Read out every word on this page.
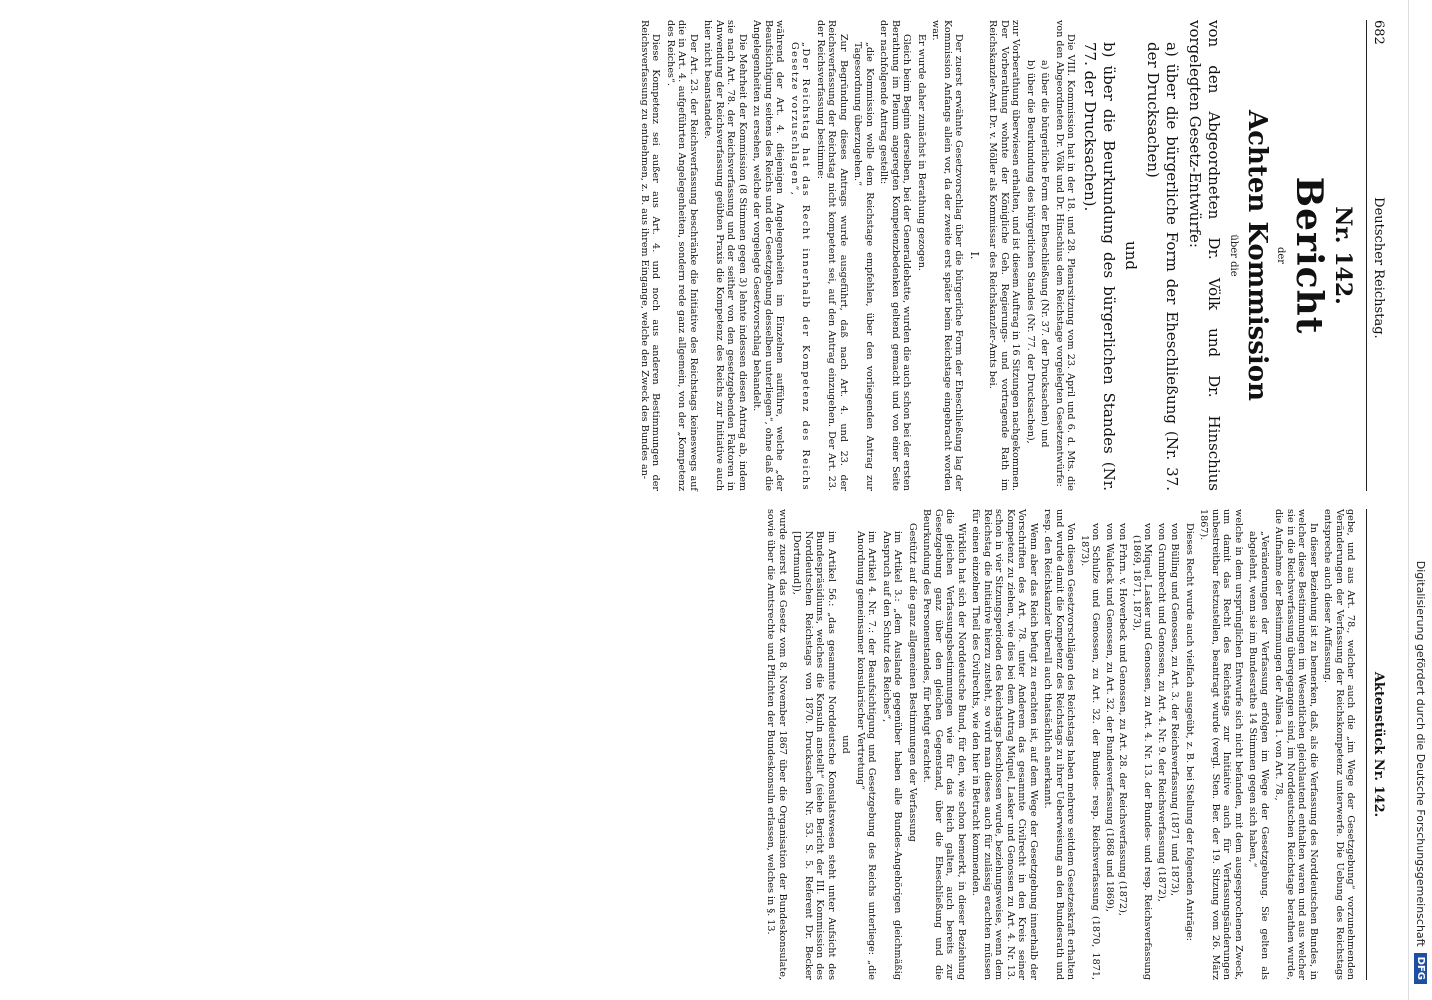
Digitalisierung gefördert durch die Deutsche Forschungsgemeinschaft
DFG
682
Deutscher Reichstag.
Nr. 142.
Bericht
der
Achten Kommission
über die
von den Abgeordneten Dr. Völk und Dr. Hinschius vorgelegten Gesetz-Entwürfe:
a) über die bürgerliche Form der Eheschließung (Nr. 37. der Drucksachen)
und
b) über die Beurkundung des bürgerlichen Standes (Nr. 77. der Drucksachen).

Die VIII. Kommission hat in der 18. und 28. Plenarsitzung vom 23. April und 6. d. Mts. die von den Abgeordneten Dr. Völk und Dr. Hinschius dem Reichstage vorgelegten Gesetzentwürfe:

a) über die bürgerliche Form der Eheschließung (Nr. 37. der Drucksachen) und

b) über die Beurkundung des bürgerlichen Standes (Nr. 77. der Drucksachen),

zur Vorberathung überwiesen erhalten, und ist diesem Auftrag in 16 Sitzungen nachgekommen. Der Vorberathung wohnte der Königliche Geh. Regierungs- und vortragende Rath im Reichskanzler-Amt Dr. v. Möller als Kommissar des Reichskanzler-Amts bei.

I.

Der zuerst erwähnte Gesetzvorschlag über die bürgerliche Form der Eheschließung lag der Kommission Anfangs allein vor, da der zweite erst später beim Reichstage eingebracht worden war.

Er wurde daher zunächst in Berathung gezogen.

Gleich beim Beginn derselben, bei der Generaldebatte, wurden die auch schon bei der ersten Berathung im Plenum angeregten Kompetenzbedenken geltend gemacht und von einer Seite der nachfolgende Antrag gestellt:

„die Kommission wolle dem Reichstage empfehlen, über den vorliegenden Antrag zur Tagesordnung überzugehen.“

Zur Begründung dieses Antrags wurde ausgeführt, daß nach Art. 4. und 23. der Reichsverfassung der Reichstag nicht kompetent sei, auf den Antrag einzugehen. Der Art. 23. der Reichsverfassung bestimme:

„Der Reichstag hat das Recht innerhalb der Kompetenz des Reichs Gesetze vorzuschlagen“,

während der Art. 4. diejenigen Angelegenheiten im Einzelnen aufführe, welche „der Beaufsichtigung seitens des Reichs und der Gesetzgebung desselben unterliegen“, ohne daß die Angelegenheiten zu ersehen, welche der vorgelegte Gesetzvorschlag behandelt.

Die Mehrheit der Kommission (8 Stimmen gegen 3) lehnte indessen diesen Antrag ab, indem sie nach Art. 78. der Reichsverfassung und der seither von den gesetzgebenden Faktoren in Anwendung der Reichsverfassung geübten Praxis die Kompetenz des Reichs zur Initiative auch hier nicht beanstandete.

Der Art. 23. der Reichsverfassung beschränke die Initiative des Reichstags keineswegs auf die in Art. 4. aufgeführten Angelegenheiten, sondern rede ganz allgemein, von der „Kompetenz des Reiches“.

Diese Kompetenz sei außer aus Art. 4. und noch aus anderen Bestimmungen der Reichsverfassung zu entnehmen, z. B. aus ihrem Eingange, welche den Zweck des Bundes an-

Aktenstück Nr. 142.

gebe, und aus Art. 78., welcher auch die „im Wege der Gesetzgebung“ vorzunehmenden Veränderungen der Verfassung der Reichskompetenz unterwerfe. Die Uebung des Reichstags entspreche auch dieser Auffassung.

In dieser Beziehung ist zu bemerken, daß, als die Verfassung des Norddeutschen Bundes, in welcher diese Bestimmungen im Wesentlichen gleichlautend enthalten waren und aus welcher sie in die Reichsverfassung übergegangen sind, im Norddeutschen Reichstage berathen wurde, die Aufnahme der Bestimmungen der Alinea 1. von Art. 78.,

„Veränderungen der Verfassung erfolgen im Wege der Gesetzgebung. Sie gelten als abgelehnt, wenn sie im Bundesrathe 14 Stimmen gegen sich haben,“

welche in dem ursprünglichen Entwurfe sich nicht befanden, mit dem ausgesprochenen Zweck, um damit das Recht des Reichstags zur Initiative auch für Verfassungsänderungen unbestreitbar festzustellen, beantragt wurde (vergl. Sten. Ber. der 19. Sitzung vom 26. März 1867).

Dieses Recht wurde auch vielfach ausgeübt, z. B. bei Stellung der folgenden Anträge:

von Bülling und Genossen, zu Art. 3. der Reichsverfassung (1871 und 1873),

von Grumbrecht und Genossen, zu Art. 4. Nr. 9. der Reichsverfassung (1872),

von Miquel, Lasker und Genossen, zu Art. 4. Nr. 13. der Bundes- und resp. Reichsverfassung (1869, 1871, 1873),

von Frhrn. v. Hoverbeck und Genossen, zu Art. 28. der Reichsverfassung (1872),

von Waldeck und Genossen, zu Art. 32. der Bundesverfassung (1868 und 1869),

von Schulze und Genossen, zu Art. 32. der Bundes- resp. Reichsverfassung (1870, 1871, 1873).

Von diesen Gesetzvorschlägen des Reichstags haben mehrere seitdem Gesetzeskraft erhalten und wurde damit die Kompetenz des Reichstags zu ihrer Ueberweisung an den Bundesrath und resp. den Reichskanzler überall auch thatsächlich anerkannt.

Wenn aber das Reich befugt zu erachten ist, auf dem Wege der Gesetzgebung innerhalb der Vorschriften des Art. 78. unter Anderem das gesammte Civilrecht in den Kreis seiner Kompetenz zu ziehen, wie dies bei dem Antrag Miquel, Lasker und Genossen zu Art. 4. Nr. 13. schon in vier Sitzungsperioden des Reichstags beschlossen wurde, beziehungsweise, wenn dem Reichstag die Initiative hierzu zusteht, so wird man dieses auch für zulässig erachten müssen für einen einzelnen Theil des Civilrechts, wie den hier in Betracht kommenden.

Wirklich hat sich der Norddeutsche Bund, für den, wie schon bemerkt, in dieser Beziehung die gleichen Verfassungsbestimmungen wie für das Reich galten, auch bereits zur Gesetzgebung ganz über den gleichen Gegenstand, über die Eheschließung und die Beurkundung des Personenstandes, für befugt erachtet.

Gestützt auf die ganz allgemeinen Bestimmungen der Verfassung

im Artikel 3.: „dem Auslande gegenüber haben alle Bundes-Angehörigen gleichmäßig Anspruch auf den Schutz des Reiches“,

im Artikel 4. Nr. 7.: der Beaufsichtigung und Gesetzgebung des Reichs unterliege: „die Anordnung gemeinsamer konsularischer Vertretung“

und

im Artikel 56.: „das gesammte Norddeutsche Konsulatswesen steht unter Aufsicht des Bundespräsidiums, welches die Konsuln anstellt“ (siehe Bericht der III. Kommission des Norddeutschen Reichstags von 1870. Drucksachen Nr. 53. S. 5. Referent Dr. Becker [Dortmund]),

wurde zuerst das Gesetz vom 8. November 1867 über die Organisation der Bundeskonsulate, sowie über die Amtsrechte und Pflichten der Bundeskonsuln erlassen, welches in §. 13.
